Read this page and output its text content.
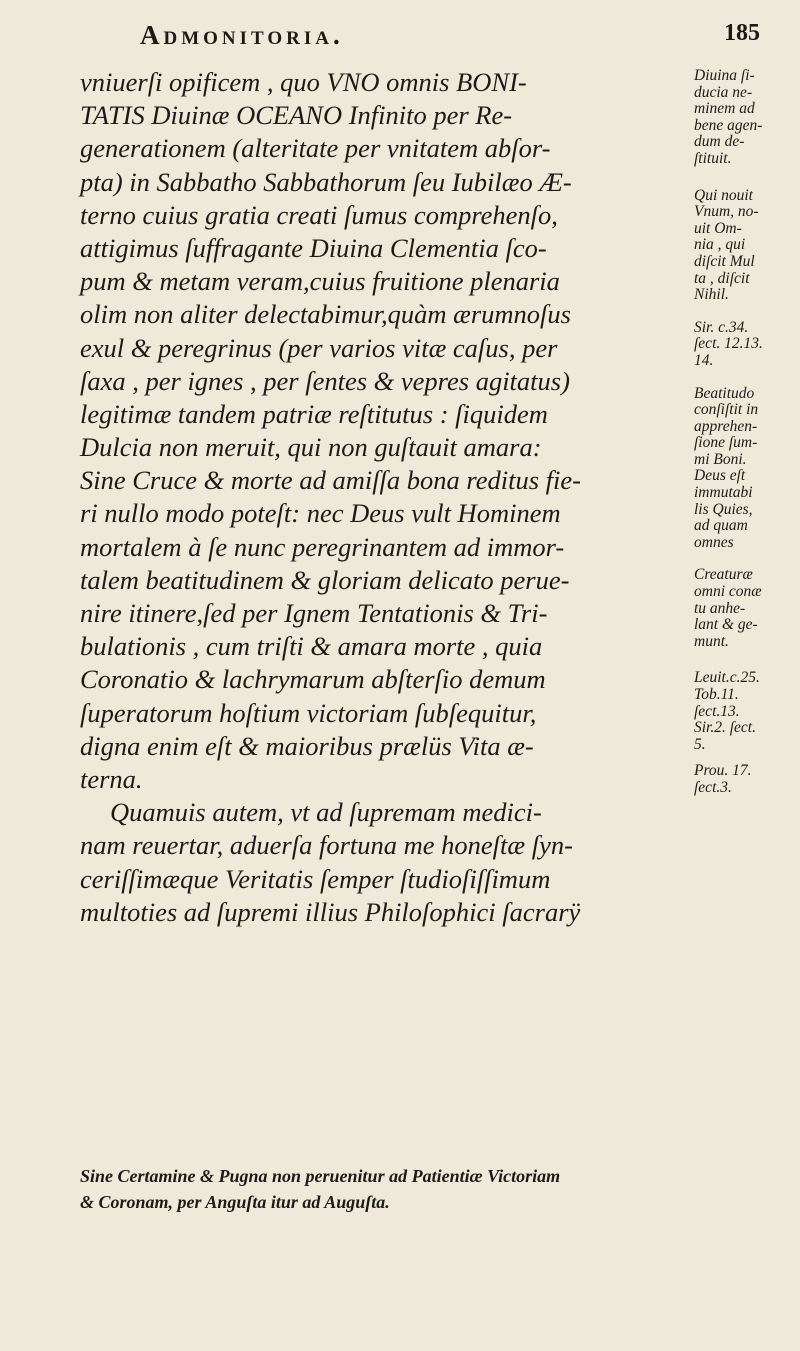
Admonitoria.	185
vniuerſi opificem , quo VNO omnis BONI-
TATIS Diuinæ OCEANO Infinito per Re-
generationem (alteritate per vnitatem abſor-
pta) in Sabbatho Sabbathorum ſeu Iubilæo Æ-
terno cuius gratia creati ſumus comprehenſo,
attigimus ſuffragante Diuina Clementia ſco-
pum & metam veram,cuius fruitione plenaria
olim non aliter delectabimur,quàm ærumnoſus
exul & peregrinus (per varios vitæ caſus, per
ſaxa , per ignes , per ſentes & vepres agitatus)
legitimæ tandem patriæ reſtitutus : ſiquidem
Dulcia non meruit, qui non guſtauit amara:
Sine Cruce & morte ad amiſſa bona reditus fie-
ri nullo modo poteſt: nec Deus vult Hominem
mortalem à ſe nunc peregrinantem ad immor-
talem beatitudinem & gloriam delicato perue-
nire itinere,ſed per Ignem Tentationis & Tri-
bulationis , cum triſti & amara morte , quia
Coronatio & lachrymarum abſterſio demum
ſuperatorum hoſtium victoriam ſubſequitur,
digna enim eſt & maioribus prælüs Vita æ-
terna.
Quamuis autem, vt ad ſupremam medici-
nam reuertar, aduerſa fortuna me honeſtæ ſyn-
ceriſſimæque Veritatis ſemper ſtudioſiſſimum
multoties ad ſupremi illius Philoſophici ſacrarÿ
Diuina ſi-
ducia ne-
minem ad
bene agen-
dum de-
ſtituit.
Qui nouit
Vnum, no-
uit Om-
nia , qui
diſcit Mul
ta , diſcit
Nihil.
Sir. c.34.
ſect. 12.13.
14.
Beatitudo
conſiſtit in
apprehen-
ſione ſum-
mi Boni.
Deus eſt
immutabi
lis Quies,
ad quam
omnes
Creaturæ
omni conæ
tu anhe-
lant & ge-
munt.
Leuit.c.25.
Tob.11.
ſect.13.
Sir.2. ſect.
5.
Prou. 17.
ſect.3.
Sine Certamine & Pugna non peruenitur ad Patientiæ Victoriam
& Coronam, per Anguſta itur ad Auguſta.
